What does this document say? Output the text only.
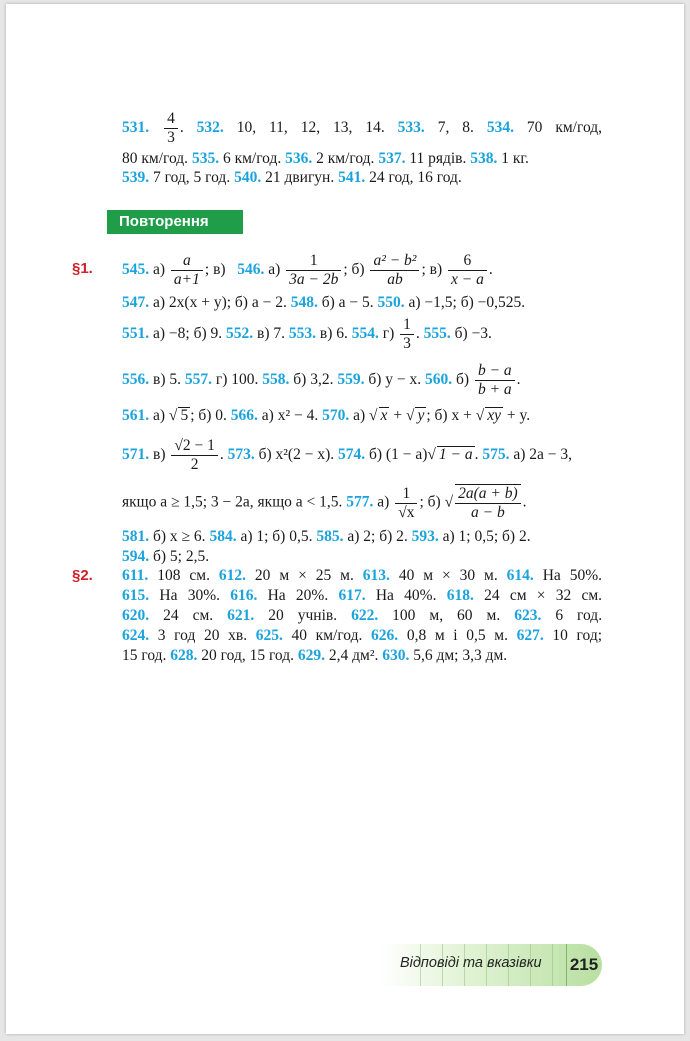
531. $\frac{4}{3}$ . 532. 10, 11, 12, 13, 14. 533. 7, 8. 534. 70 км/год,
80 км/год. 535. 6 км/год. 536. 2 км/год. 537. 11 рядів. 538. 1 кг.
539. 7 год, 5 год. 540. 21 двигун. 541. 24 год, 16 год.
Повторення
§1. 545. $а) \frac{a}{a+1}$ ; в) 546. $а) \frac{1}{3a - 2b}$ ; $б) \frac{\text{a² − b²}}{ab}$ ; $в) \frac{6}{x - a}$ .
547. а) 2x(x + y); б) a − 2. 548. б) a − 5. 550. а) −1,5; б) −0,525.
551. а) −8; б) 9. 552. в) 7. 553. в) 6. 554. $г) \frac{1}{3}$ . 555. б) −3.
556. в) 5. 557. г) 100. 558. б) 3,2. 559. б) y − x. 560. $б) \frac{b - a}{b + a}$ .
561. а) √ 5 ; б) 0. 566. а) x² − 4. 570. а) √ x + √ y ; б) x + √ xy + y.
571. $в) \frac{√2 - 1}{2}$ . 573. б) x²(2 − x). 574. б) (1 − a)√ 1 − a . 575. а) 2a − 3,
якщо a ≥ 1,5; 3 − 2a, якщо a < 1,5. 577. $а) \frac{1}{√x}$ ; б) √ $\frac{2a(a + b)}{a - b}$ .
581. б) x ≥ 6. 584. а) 1; б) 0,5. 585. а) 2; б) 2. 593. а) 1; 0,5; б) 2.
594. б) 5; 2,5.
§2. 611. 108 см. 612. 20 м × 25 м. 613. 40 м × 30 м. 614. На 50%.
615. На 30%. 616. На 20%. 617. На 40%. 618. 24 см × 32 см.
620. 24 см. 621. 20 учнів. 622. 100 м, 60 м. 623. 6 год.
624. 3 год 20 хв. 625. 40 км/год. 626. 0,8 м і 0,5 м. 627. 10 год;
15 год. 628. 20 год, 15 год. 629. 2,4 дм². 630. 5,6 дм; 3,3 дм.
Відповіді та вказівки 215
